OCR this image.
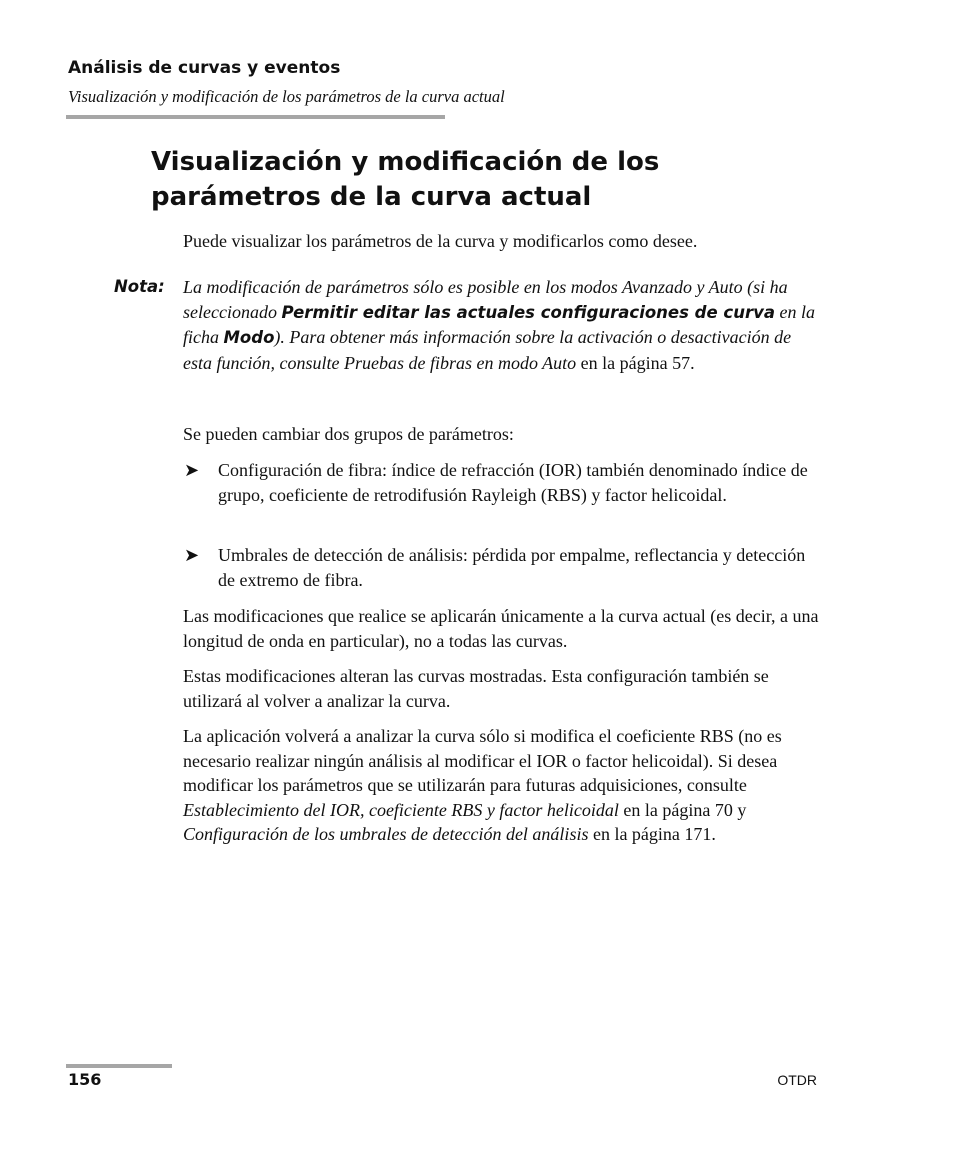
Análisis de curvas y eventos
Visualización y modificación de los parámetros de la curva actual
Visualización y modificación de los parámetros de la curva actual

Puede visualizar los parámetros de la curva y modificarlos como desee.

Nota: La modificación de parámetros sólo es posible en los modos Avanzado y Auto (si ha seleccionado Permitir editar las actuales configuraciones de curva en la ficha Modo). Para obtener más información sobre la activación o desactivación de esta función, consulte Pruebas de fibras en modo Auto en la página 57.

Se pueden cambiar dos grupos de parámetros:

➤ Configuración de fibra: índice de refracción (IOR) también denominado índice de grupo, coeficiente de retrodifusión Rayleigh (RBS) y factor helicoidal.

➤ Umbrales de detección de análisis: pérdida por empalme, reflectancia y detección de extremo de fibra.

Las modificaciones que realice se aplicarán únicamente a la curva actual (es decir, a una longitud de onda en particular), no a todas las curvas.

Estas modificaciones alteran las curvas mostradas. Esta configuración también se utilizará al volver a analizar la curva.

La aplicación volverá a analizar la curva sólo si modifica el coeficiente RBS (no es necesario realizar ningún análisis al modificar el IOR o factor helicoidal). Si desea modificar los parámetros que se utilizarán para futuras adquisiciones, consulte Establecimiento del IOR, coeficiente RBS y factor helicoidal en la página 70 y Configuración de los umbrales de detección del análisis en la página 171.

156	OTDR
